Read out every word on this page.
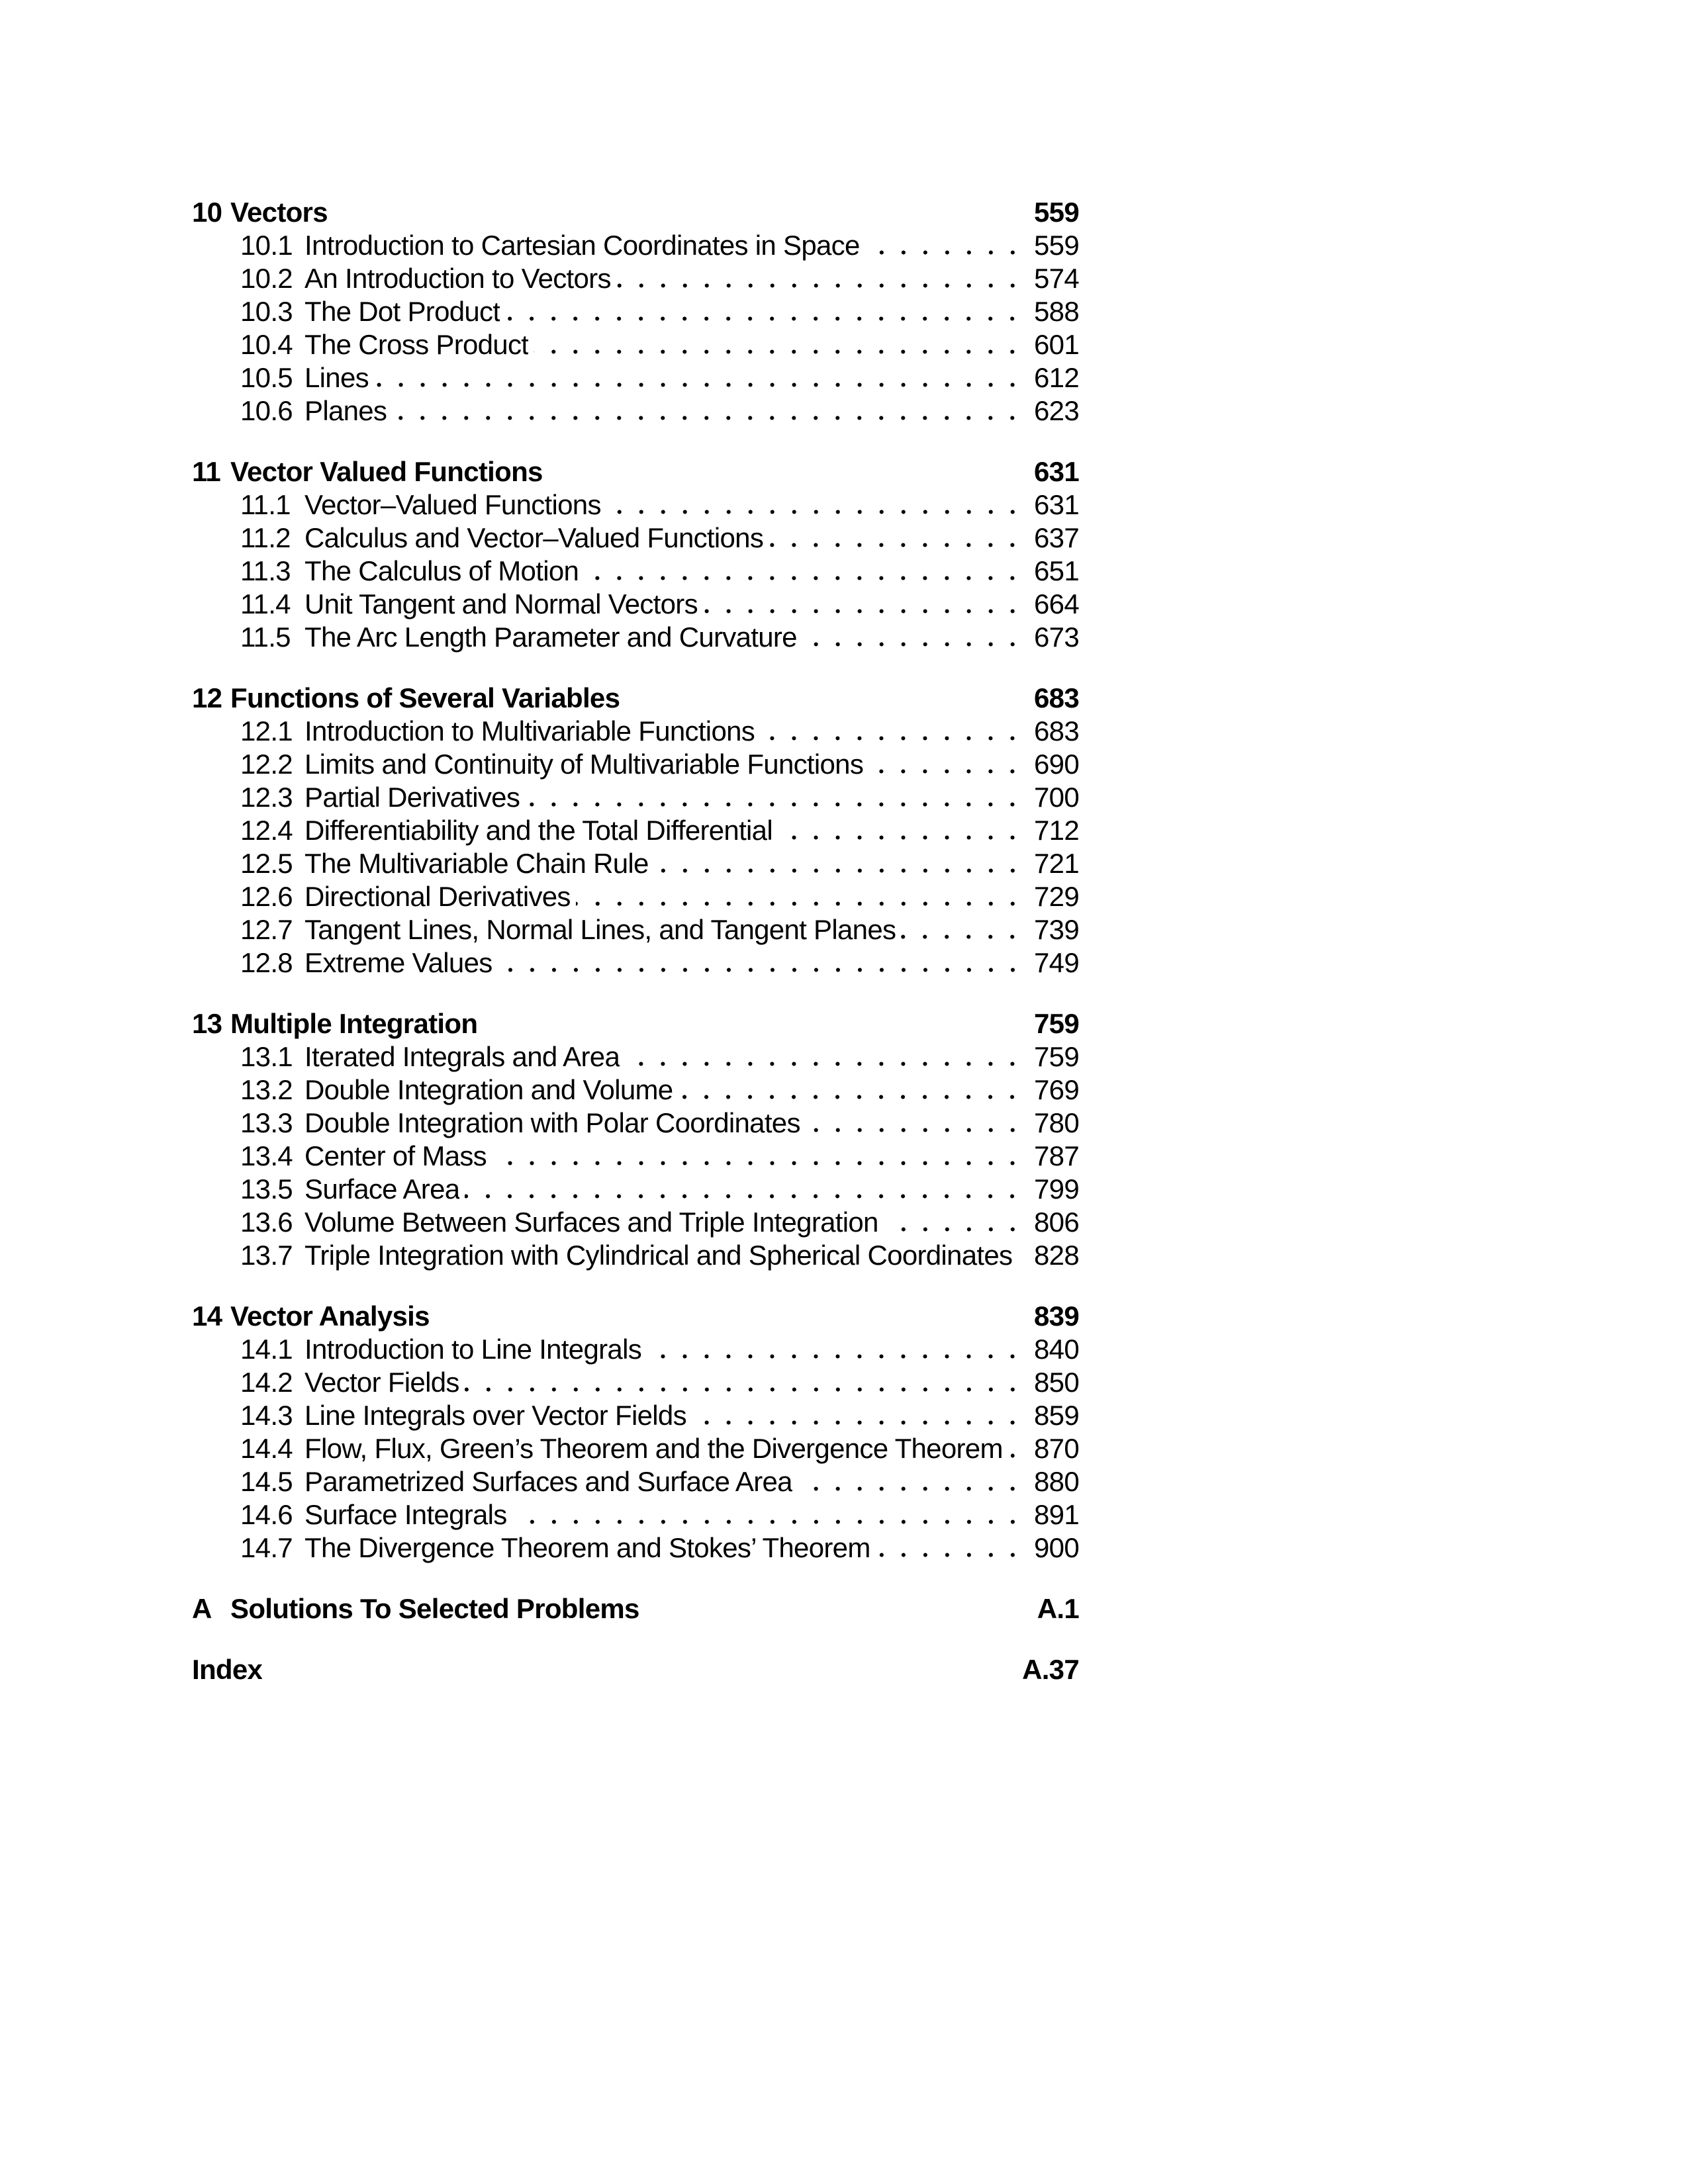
10 Vectors	559
10.1 Introduction to Cartesian Coordinates in Space	559
10.2 An Introduction to Vectors	574
10.3 The Dot Product	588
10.4 The Cross Product	601
10.5 Lines	612
10.6 Planes	623
11 Vector Valued Functions	631
11.1 Vector–Valued Functions	631
11.2 Calculus and Vector–Valued Functions	637
11.3 The Calculus of Motion	651
11.4 Unit Tangent and Normal Vectors	664
11.5 The Arc Length Parameter and Curvature	673
12 Functions of Several Variables	683
12.1 Introduction to Multivariable Functions	683
12.2 Limits and Continuity of Multivariable Functions	690
12.3 Partial Derivatives	700
12.4 Differentiability and the Total Differential	712
12.5 The Multivariable Chain Rule	721
12.6 Directional Derivatives	729
12.7 Tangent Lines, Normal Lines, and Tangent Planes	739
12.8 Extreme Values	749
13 Multiple Integration	759
13.1 Iterated Integrals and Area	759
13.2 Double Integration and Volume	769
13.3 Double Integration with Polar Coordinates	780
13.4 Center of Mass	787
13.5 Surface Area	799
13.6 Volume Between Surfaces and Triple Integration	806
13.7 Triple Integration with Cylindrical and Spherical Coordinates 828
14 Vector Analysis	839
14.1 Introduction to Line Integrals	840
14.2 Vector Fields	850
14.3 Line Integrals over Vector Fields	859
14.4 Flow, Flux, Green’s Theorem and the Divergence Theorem 870
14.5 Parametrized Surfaces and Surface Area	880
14.6 Surface Integrals	891
14.7 The Divergence Theorem and Stokes’ Theorem	900
A Solutions To Selected Problems	A.1
Index	A.37
